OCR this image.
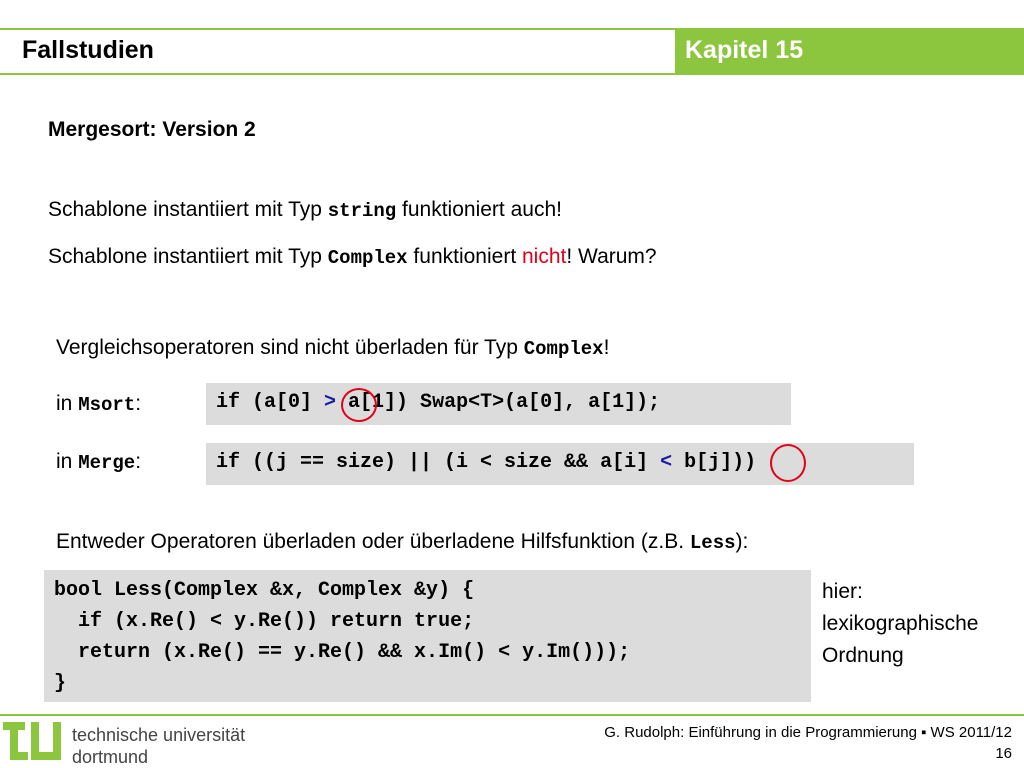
Fallstudien	Kapitel 15
Mergesort: Version 2
Schablone instantiiert mit Typ string funktioniert auch!
Schablone instantiiert mit Typ Complex funktioniert nicht! Warum?
Vergleichsoperatoren sind nicht überladen für Typ Complex!
in Msort:	if (a[0] > a[1]) Swap<T>(a[0], a[1]);
in Merge:	if ((j == size) || (i < size && a[i] < b[j]))
Entweder Operatoren überladen oder überladene Hilfsfunktion (z.B. Less):
bool Less(Complex &x, Complex &y) {
if (x.Re() < y.Re()) return true;
return (x.Re() == y.Re() && x.Im() < y.Im()));
}
hier:
lexikographische
Ordnung
technische universität
dortmund
G. Rudolph: Einführung in die Programmierung ▪ WS 2011/12
16
